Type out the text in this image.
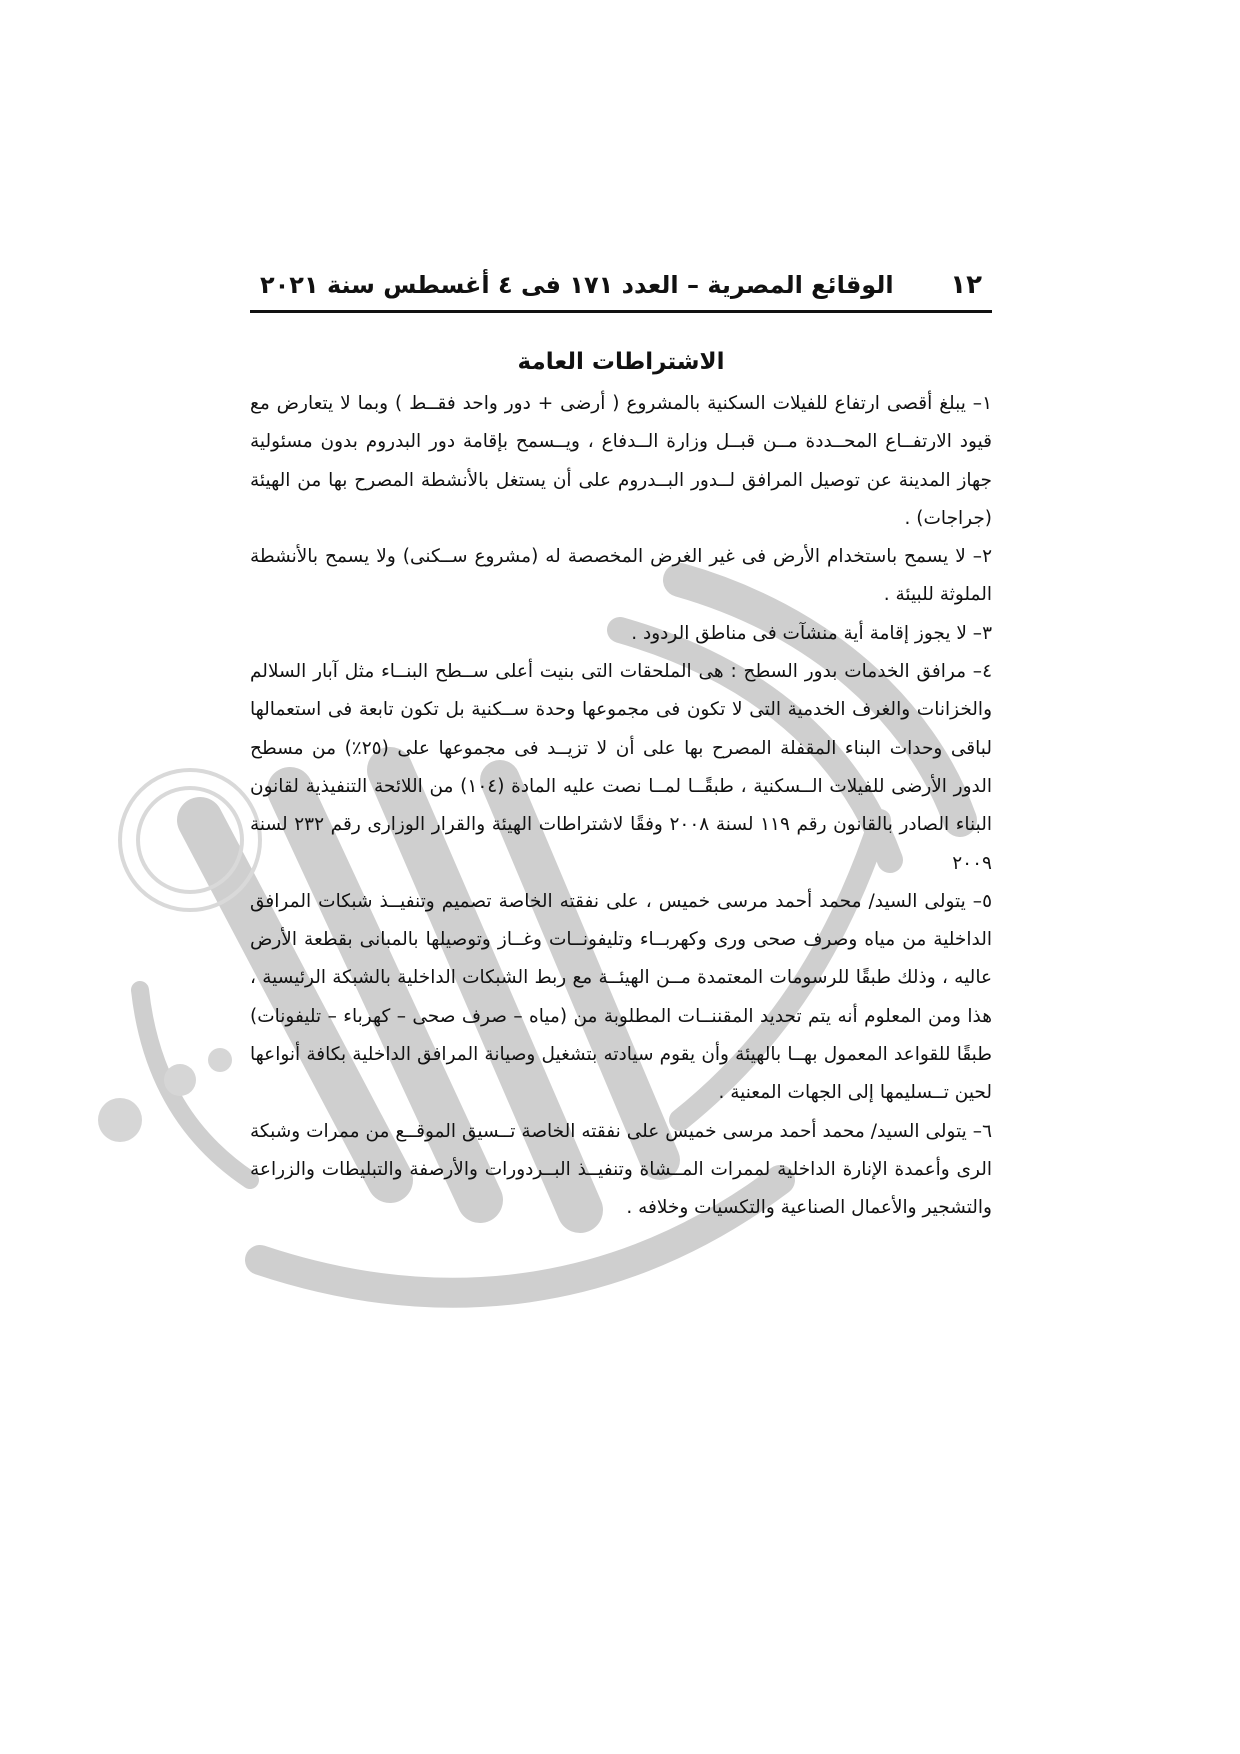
١٢
الوقائع المصرية – العدد ١٧١ فى ٤ أغسطس سنة ٢٠٢١
الاشتراطات العامة

١– يبلغ أقصى ارتفاع للفيلات السكنية بالمشروع ( أرضى + دور واحد فقــط ) وبما لا يتعارض مع قيود الارتفــاع المحــددة مــن قبــل وزارة الــدفاع ، ويــسمح بإقامة دور البدروم بدون مسئولية جهاز المدينة عن توصيل المرافق لــدور البــدروم على أن يستغل بالأنشطة المصرح بها من الهيئة (جراجات) .

٢– لا يسمح باستخدام الأرض فى غير الغرض المخصصة له (مشروع ســكنى) ولا يسمح بالأنشطة الملوثة للبيئة .

٣– لا يجوز إقامة أية منشآت فى مناطق الردود .

٤– مرافق الخدمات بدور السطح : هى الملحقات التى بنيت أعلى ســطح البنــاء مثل آبار السلالم والخزانات والغرف الخدمية التى لا تكون فى مجموعها وحدة ســكنية بل تكون تابعة فى استعمالها لباقى وحدات البناء المقفلة المصرح بها على أن لا تزيــد فى مجموعها على (٢٥٪) من مسطح الدور الأرضى للفيلات الــسكنية ، طبقًــا لمــا نصت عليه المادة (١٠٤) من اللائحة التنفيذية لقانون البناء الصادر بالقانون رقم ١١٩ لسنة ٢٠٠٨ وفقًا لاشتراطات الهيئة والقرار الوزارى رقم ٢٣٢ لسنة ٢٠٠٩

٥– يتولى السيد/ محمد أحمد مرسى خميس ، على نفقته الخاصة تصميم وتنفيــذ شبكات المرافق الداخلية من مياه وصرف صحى ورى وكهربــاء وتليفونــات وغــاز وتوصيلها بالمبانى بقطعة الأرض عاليه ، وذلك طبقًا للرسومات المعتمدة مــن الهيئــة مع ربط الشبكات الداخلية بالشبكة الرئيسية ، هذا ومن المعلوم أنه يتم تحديد المقننــات المطلوبة من (مياه – صرف صحى – كهرباء – تليفونات) طبقًا للقواعد المعمول بهــا بالهيئة وأن يقوم سيادته بتشغيل وصيانة المرافق الداخلية بكافة أنواعها لحين تــسليمها إلى الجهات المعنية .

٦– يتولى السيد/ محمد أحمد مرسى خميس على نفقته الخاصة تــسيق الموقــع من ممرات وشبكة الرى وأعمدة الإنارة الداخلية لممرات المــشاة وتنفيــذ البــردورات والأرصفة والتبليطات والزراعة والتشجير والأعمال الصناعية والتكسيات وخلافه .
